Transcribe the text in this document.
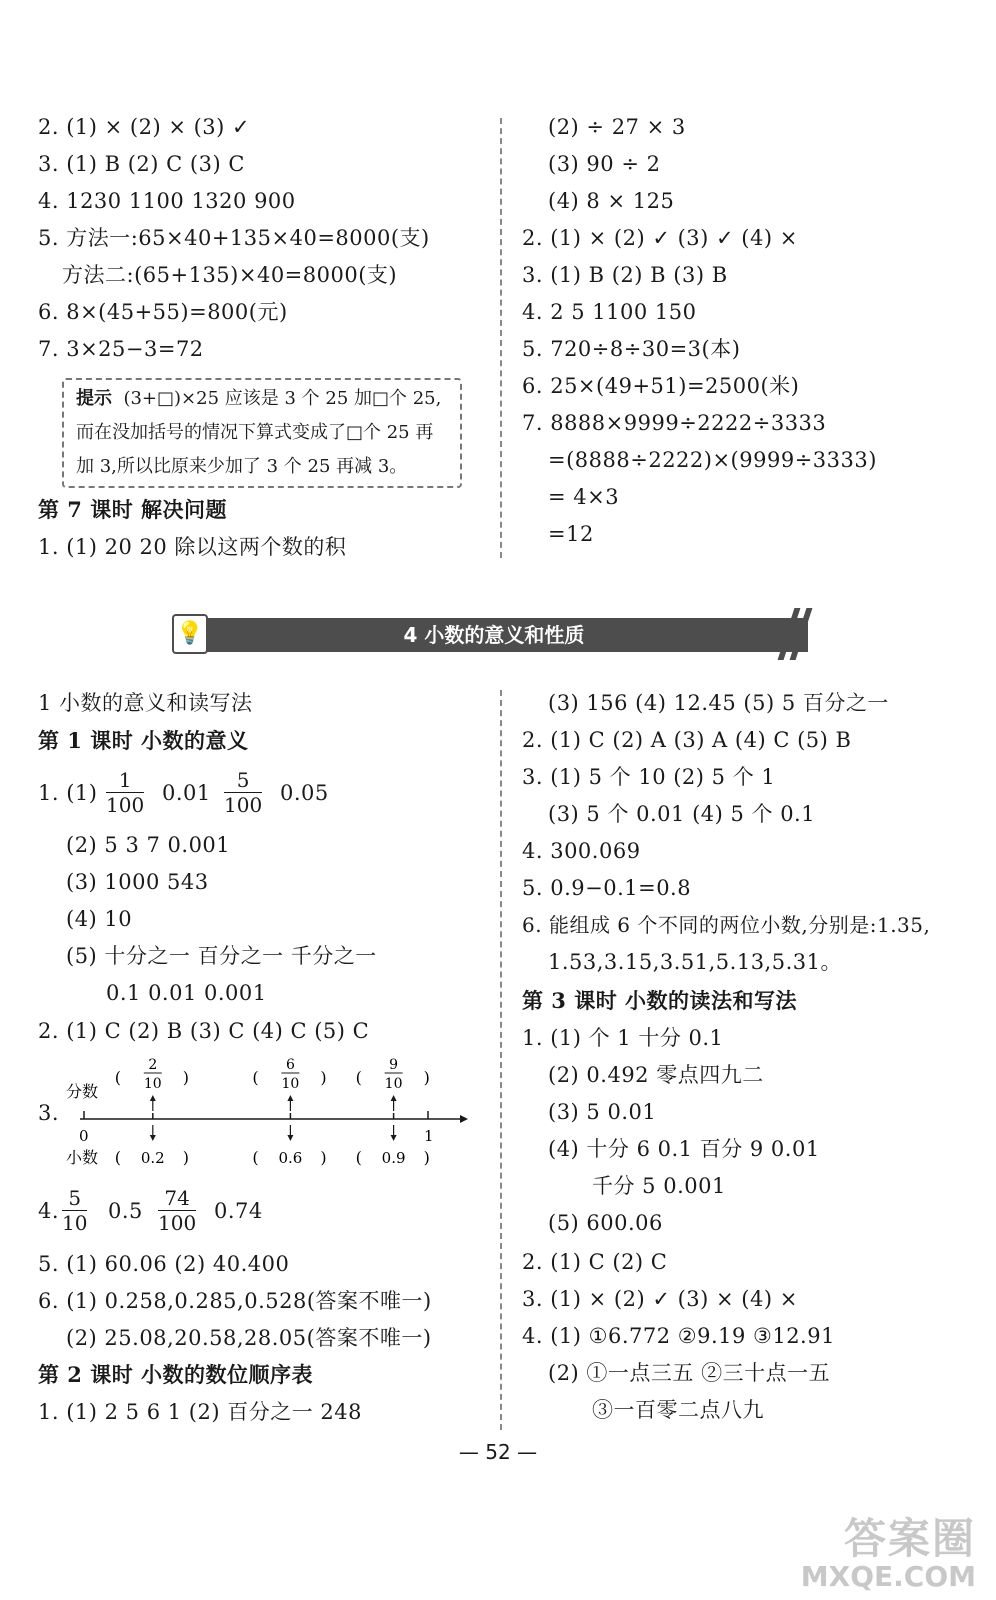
2. (1) × (2) × (3) ✓
3. (1) B (2) C (3) C
4. 1230 1100 1320 900
5. 方法一:65×40+135×40=8000(支)
方法二:(65+135)×40=8000(支)
6. 8×(45+55)=800(元)
7. 3×25−3=72
提示 (3+□)×25 应该是 3 个 25 加□个 25,
而在没加括号的情况下算式变成了□个 25 再
加 3,所以比原来少加了 3 个 25 再减 3。
第 7 课时 解决问题
1. (1) 20 20 除以这两个数的积
(2) ÷ 27 × 3
(3) 90 ÷ 2
(4) 8 × 125
2. (1) × (2) ✓ (3) ✓ (4) ×
3. (1) B (2) B (3) B
4. 2 5 1100 150
5. 720÷8÷30=3(本)
6. 25×(49+51)=2500(米)
7. 8888×9999÷2222÷3333
=(8888÷2222)×(9999÷3333)
= 4×3
=12
4 小数的意义和性质
💡
1 小数的意义和读写法
第 1 课时 小数的意义
1. $(1) \frac{1}{100} 0.01 \frac{5}{100} 0.05$
(2) 5 3 7 0.001
(3) 1000 543
(4) 10
(5) 十分之一 百分之一 千分之一
0.1 0.01 0.001
2. (1) C (2) B (3) C (4) C (5) C
3.
分数
小数
0	1
(	)
2
10
(	)
0.2
(	)
6
10
(	)
0.6
(	)
9
10
(	)
0.9
4. $\frac{5}{10} 0.5 \frac{74}{100} 0.74$
5. (1) 60.06 (2) 40.400
6. (1) 0.258,0.285,0.528(答案不唯一)
(2) 25.08,20.58,28.05(答案不唯一)
第 2 课时 小数的数位顺序表
1. (1) 2 5 6 1 (2) 百分之一 248
(3) 156 (4) 12.45 (5) 5 百分之一
2. (1) C (2) A (3) A (4) C (5) B
3. (1) 5 个 10 (2) 5 个 1
(3) 5 个 0.01 (4) 5 个 0.1
4. 300.069
5. 0.9−0.1=0.8
6. 能组成 6 个不同的两位小数,分别是:1.35,
1.53,3.15,3.51,5.13,5.31。
第 3 课时 小数的读法和写法
1. (1) 个 1 十分 0.1
(2) 0.492 零点四九二
(3) 5 0.01
(4) 十分 6 0.1 百分 9 0.01
千分 5 0.001
(5) 600.06
2. (1) C (2) C
3. (1) × (2) ✓ (3) × (4) ×
4. (1) ①6.772 ②9.19 ③12.91
(2) ①一点三五 ②三十点一五
③一百零二点八九
— 52 —
答案圈
MXQE.COM
